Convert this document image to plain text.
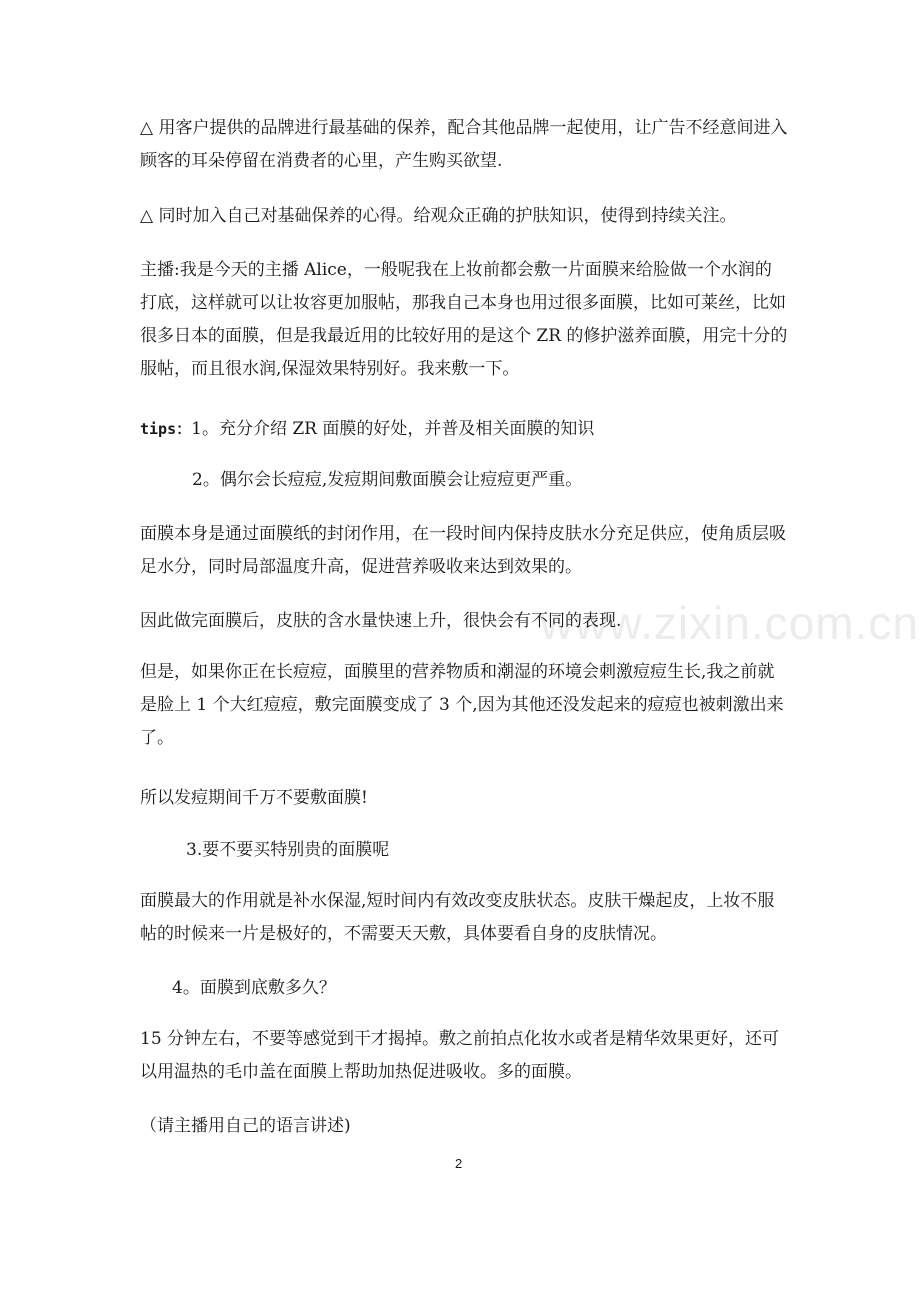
△ 用客户提供的品牌进行最基础的保养，配合其他品牌一起使用，让广告不经意间进入顾客的耳朵停留在消费者的心里，产生购买欲望.

△ 同时加入自己对基础保养的心得。给观众正确的护肤知识，使得到持续关注。

主播:我是今天的主播 Alice，一般呢我在上妆前都会敷一片面膜来给脸做一个水润的打底，这样就可以让妆容更加服帖，那我自己本身也用过很多面膜，比如可莱丝，比如很多日本的面膜，但是我最近用的比较好用的是这个 ZR 的修护滋养面膜，用完十分的服帖，而且很水润,保湿效果特别好。我来敷一下。

tips：1。充分介绍 ZR 面膜的好处，并普及相关面膜的知识

2。偶尔会长痘痘,发痘期间敷面膜会让痘痘更严重。

面膜本身是通过面膜纸的封闭作用，在一段时间内保持皮肤水分充足供应，使角质层吸足水分，同时局部温度升高，促进营养吸收来达到效果的。

因此做完面膜后，皮肤的含水量快速上升，很快会有不同的表现.

但是，如果你正在长痘痘，面膜里的营养物质和潮湿的环境会刺激痘痘生长,我之前就是脸上 1 个大红痘痘，敷完面膜变成了 3 个,因为其他还没发起来的痘痘也被刺激出来了。

所以发痘期间千万不要敷面膜!

3.要不要买特别贵的面膜呢

面膜最大的作用就是补水保湿,短时间内有效改变皮肤状态。皮肤干燥起皮，上妆不服帖的时候来一片是极好的，不需要天天敷，具体要看自身的皮肤情况。

4。面膜到底敷多久？

15 分钟左右，不要等感觉到干才揭掉。敷之前拍点化妆水或者是精华效果更好，还可以用温热的毛巾盖在面膜上帮助加热促进吸收。多的面膜。

（请主播用自己的语言讲述)

www.zixin.com.cn
2
